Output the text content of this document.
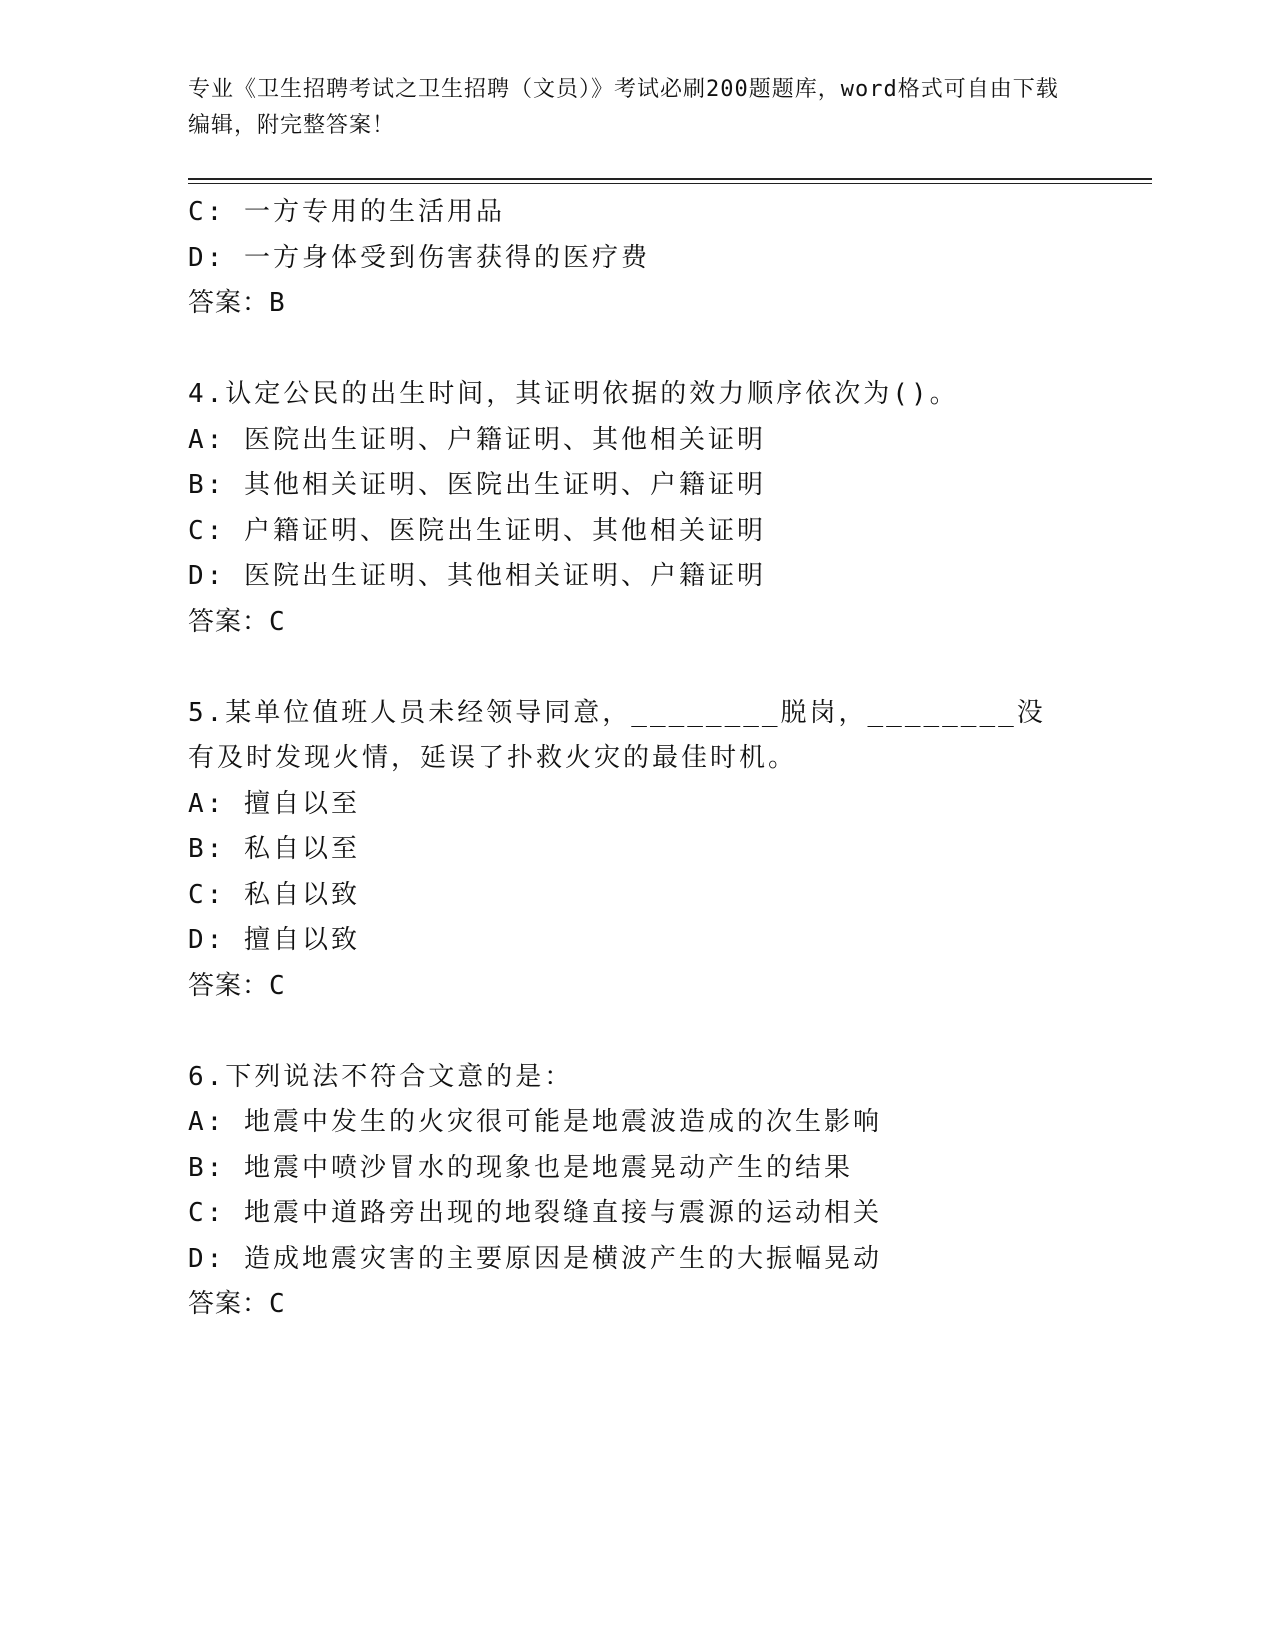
专业《卫生招聘考试之卫生招聘（文员）》考试必刷200题题库，word格式可自由下载编辑，附完整答案！
C: 一方专用的生活用品
D: 一方身体受到伤害获得的医疗费
答案：B
4.认定公民的出生时间，其证明依据的效力顺序依次为()。
A: 医院出生证明、户籍证明、其他相关证明
B: 其他相关证明、医院出生证明、户籍证明
C: 户籍证明、医院出生证明、其他相关证明
D: 医院出生证明、其他相关证明、户籍证明
答案：C
5.某单位值班人员未经领导同意，________脱岗，________没有及时发现火情，延误了扑救火灾的最佳时机。
A: 擅自以至
B: 私自以至
C: 私自以致
D: 擅自以致
答案：C
6.下列说法不符合文意的是：
A: 地震中发生的火灾很可能是地震波造成的次生影响
B: 地震中喷沙冒水的现象也是地震晃动产生的结果
C: 地震中道路旁出现的地裂缝直接与震源的运动相关
D: 造成地震灾害的主要原因是横波产生的大振幅晃动
答案：C
